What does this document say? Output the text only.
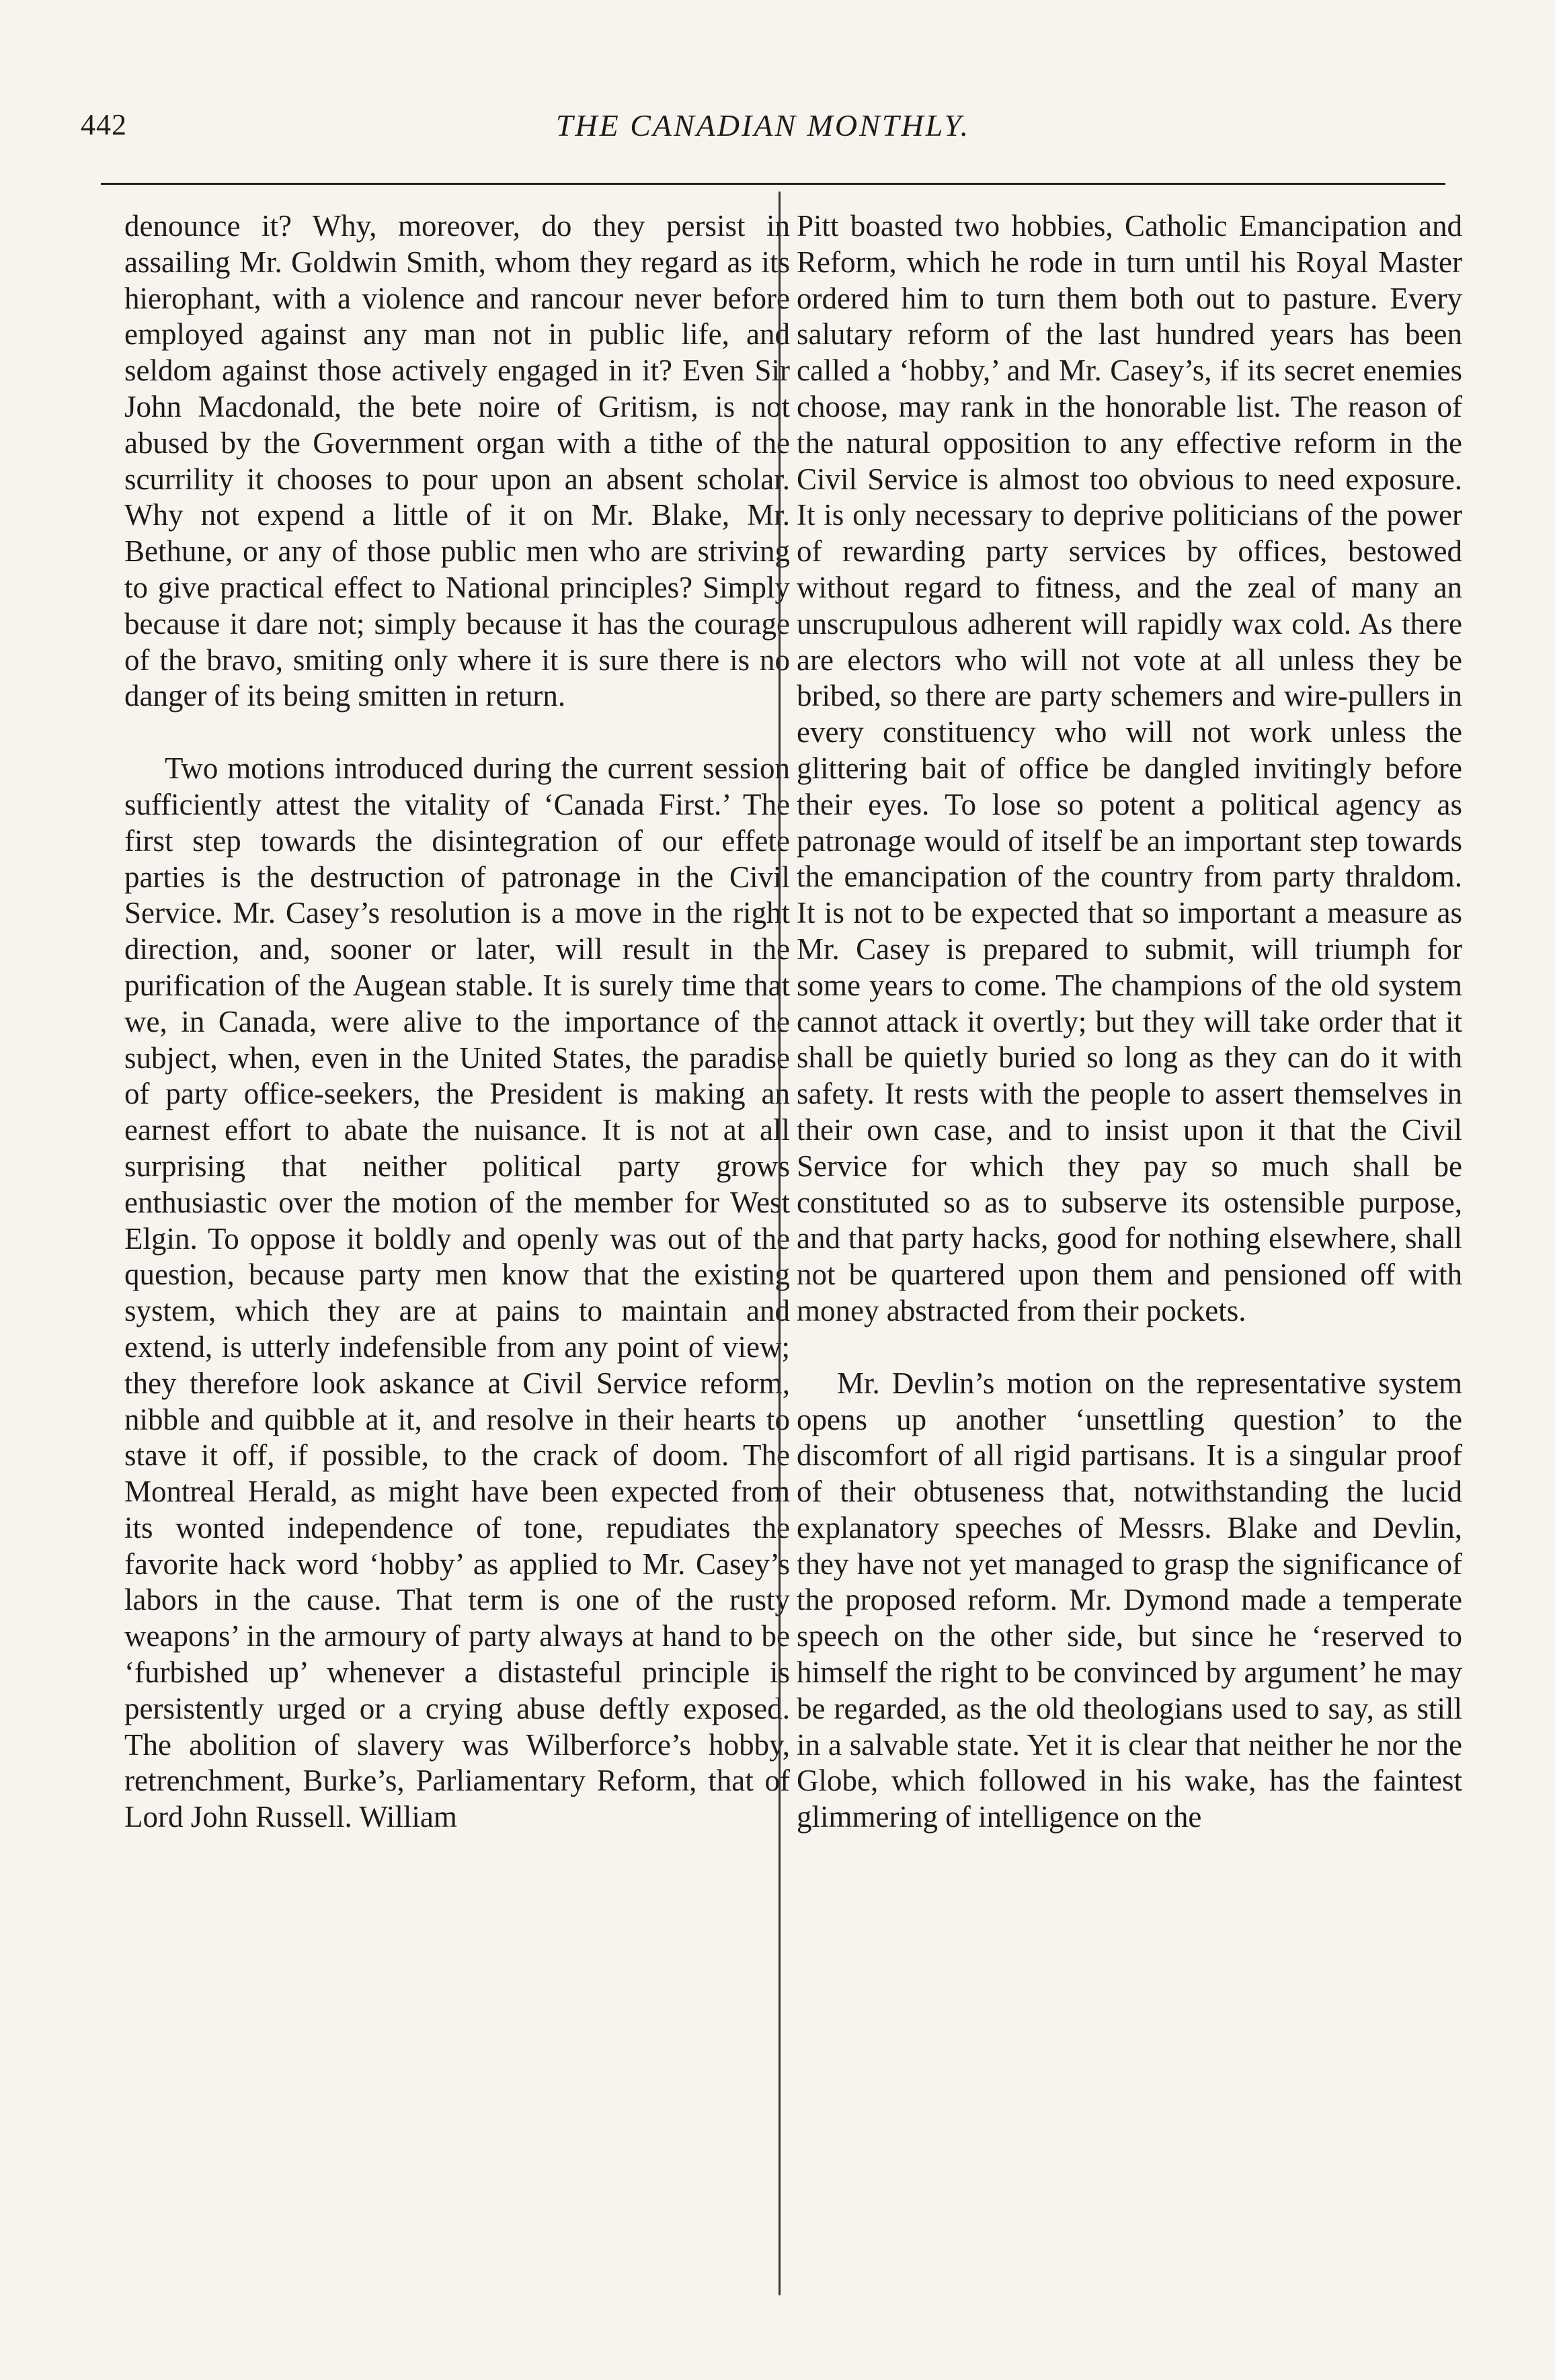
442	THE CANADIAN MONTHLY.

denounce it? Why, moreover, do they persist in assailing Mr. Goldwin Smith, whom they regard as its hierophant, with a violence and rancour never before employed against any man not in public life, and seldom against those actively engaged in it? Even Sir John Macdonald, the bete noire of Gritism, is not abused by the Government organ with a tithe of the scurrility it chooses to pour upon an absent scholar. Why not expend a little of it on Mr. Blake, Mr. Bethune, or any of those public men who are striving to give practical effect to National principles? Simply because it dare not; simply because it has the courage of the bravo, smiting only where it is sure there is no danger of its being smitten in return.

Two motions introduced during the current session sufficiently attest the vitality of ‘Canada First.’ The first step towards the disintegration of our effete parties is the destruction of patronage in the Civil Service. Mr. Casey’s resolution is a move in the right direction, and, sooner or later, will result in the purification of the Augean stable. It is surely time that we, in Canada, were alive to the importance of the subject, when, even in the United States, the paradise of party office-seekers, the President is making an earnest effort to abate the nuisance. It is not at all surprising that neither political party grows enthusiastic over the motion of the member for West Elgin. To oppose it boldly and openly was out of the question, because party men know that the existing system, which they are at pains to maintain and extend, is utterly indefensible from any point of view; they therefore look askance at Civil Service reform, nibble and quibble at it, and resolve in their hearts to stave it off, if possible, to the crack of doom. The Montreal Herald, as might have been expected from its wonted independence of tone, repudiates the favorite hack word ‘hobby’ as applied to Mr. Casey’s labors in the cause. That term is one of the rusty weapons’ in the armoury of party always at hand to be ‘furbished up’ whenever a distasteful principle is persistently urged or a crying abuse deftly exposed. The abolition of slavery was Wilberforce’s hobby, retrenchment, Burke’s, Parliamentary Reform, that of Lord John Russell. William

Pitt boasted two hobbies, Catholic Emancipation and Reform, which he rode in turn until his Royal Master ordered him to turn them both out to pasture. Every salutary reform of the last hundred years has been called a ‘hobby,’ and Mr. Casey’s, if its secret enemies choose, may rank in the honorable list. The reason of the natural opposition to any effective reform in the Civil Service is almost too obvious to need exposure. It is only necessary to deprive politicians of the power of rewarding party services by offices, bestowed without regard to fitness, and the zeal of many an unscrupulous adherent will rapidly wax cold. As there are electors who will not vote at all unless they be bribed, so there are party schemers and wire-pullers in every constituency who will not work unless the glittering bait of office be dangled invitingly before their eyes. To lose so potent a political agency as patronage would of itself be an important step towards the emancipation of the country from party thraldom. It is not to be expected that so important a measure as Mr. Casey is prepared to submit, will triumph for some years to come. The champions of the old system cannot attack it overtly; but they will take order that it shall be quietly buried so long as they can do it with safety. It rests with the people to assert themselves in their own case, and to insist upon it that the Civil Service for which they pay so much shall be constituted so as to subserve its ostensible purpose, and that party hacks, good for nothing elsewhere, shall not be quartered upon them and pensioned off with money abstracted from their pockets.

Mr. Devlin’s motion on the representative system opens up another ‘unsettling question’ to the discomfort of all rigid partisans. It is a singular proof of their obtuseness that, notwithstanding the lucid explanatory speeches of Messrs. Blake and Devlin, they have not yet managed to grasp the significance of the proposed reform. Mr. Dymond made a temperate speech on the other side, but since he ‘reserved to himself the right to be convinced by argument’ he may be regarded, as the old theologians used to say, as still in a salvable state. Yet it is clear that neither he nor the Globe, which followed in his wake, has the faintest glimmering of intelligence on the
